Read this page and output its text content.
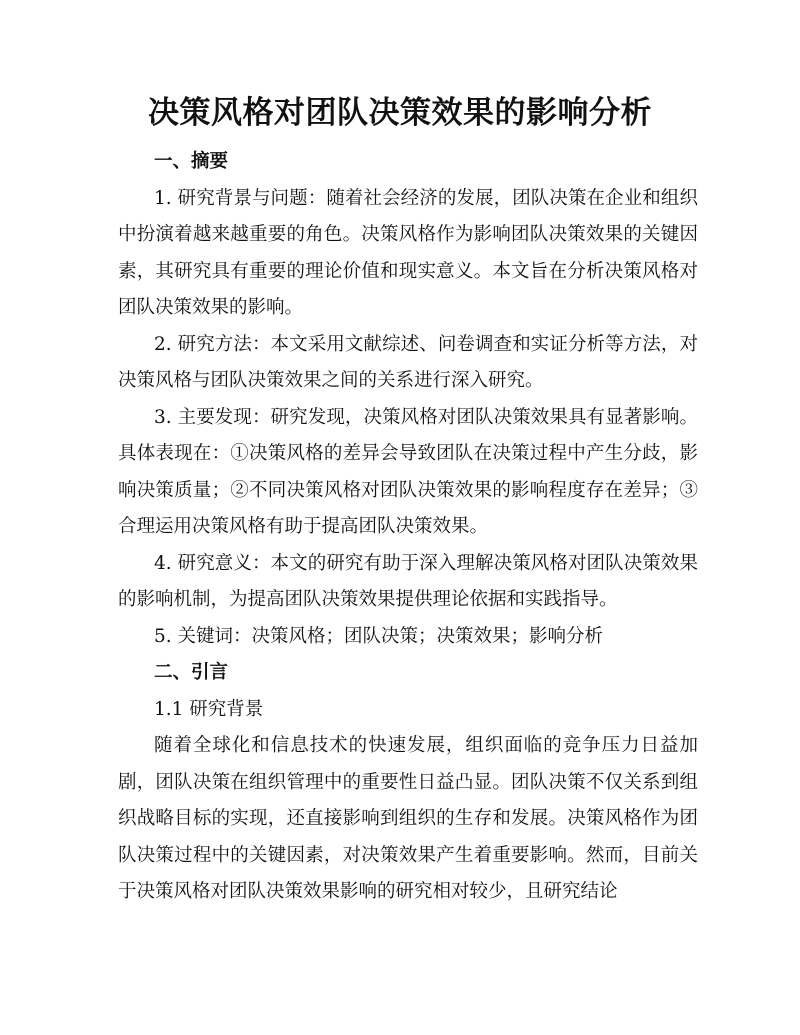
决策风格对团队决策效果的影响分析

一、摘要

1. 研究背景与问题：随着社会经济的发展，团队决策在企业和组织中扮演着越来越重要的角色。决策风格作为影响团队决策效果的关键因素，其研究具有重要的理论价值和现实意义。本文旨在分析决策风格对团队决策效果的影响。

2. 研究方法：本文采用文献综述、问卷调查和实证分析等方法，对决策风格与团队决策效果之间的关系进行深入研究。

3. 主要发现：研究发现，决策风格对团队决策效果具有显著影响。具体表现在：①决策风格的差异会导致团队在决策过程中产生分歧，影响决策质量；②不同决策风格对团队决策效果的影响程度存在差异；③合理运用决策风格有助于提高团队决策效果。

4. 研究意义：本文的研究有助于深入理解决策风格对团队决策效果的影响机制，为提高团队决策效果提供理论依据和实践指导。

5. 关键词：决策风格；团队决策；决策效果；影响分析

二、引言

1.1 研究背景

随着全球化和信息技术的快速发展，组织面临的竞争压力日益加剧，团队决策在组织管理中的重要性日益凸显。团队决策不仅关系到组织战略目标的实现，还直接影响到组织的生存和发展。决策风格作为团队决策过程中的关键因素，对决策效果产生着重要影响。然而，目前关于决策风格对团队决策效果影响的研究相对较少，且研究结论
